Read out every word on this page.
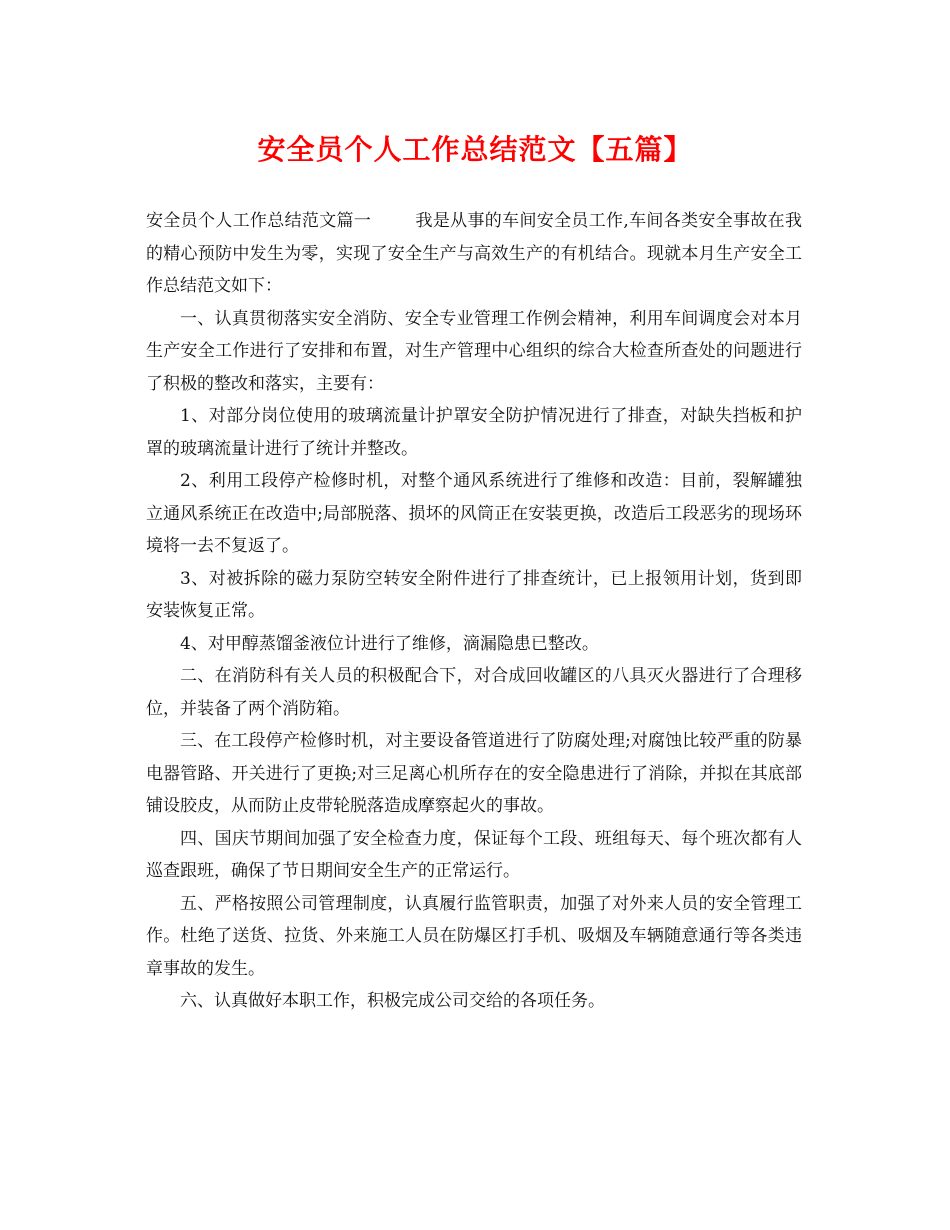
安全员个人工作总结范文【五篇】

安全员个人工作总结范文篇一	我是从事的车间安全员工作,车间各类安全事故在我的精心预防中发生为零，实现了安全生产与高效生产的有机结合。现就本月生产安全工作总结范文如下：

一、认真贯彻落实安全消防、安全专业管理工作例会精神，利用车间调度会对本月生产安全工作进行了安排和布置，对生产管理中心组织的综合大检查所查处的问题进行了积极的整改和落实，主要有：

1、对部分岗位使用的玻璃流量计护罩安全防护情况进行了排查，对缺失挡板和护罩的玻璃流量计进行了统计并整改。

2、利用工段停产检修时机，对整个通风系统进行了维修和改造：目前，裂解罐独立通风系统正在改造中;局部脱落、损坏的风筒正在安装更换，改造后工段恶劣的现场环境将一去不复返了。

3、对被拆除的磁力泵防空转安全附件进行了排查统计，已上报领用计划，货到即安装恢复正常。

4、对甲醇蒸馏釜液位计进行了维修，滴漏隐患已整改。

二、在消防科有关人员的积极配合下，对合成回收罐区的八具灭火器进行了合理移位，并装备了两个消防箱。

三、在工段停产检修时机，对主要设备管道进行了防腐处理;对腐蚀比较严重的防暴电器管路、开关进行了更换;对三足离心机所存在的安全隐患进行了消除，并拟在其底部铺设胶皮，从而防止皮带轮脱落造成摩察起火的事故。

四、国庆节期间加强了安全检查力度，保证每个工段、班组每天、每个班次都有人巡查跟班，确保了节日期间安全生产的正常运行。

五、严格按照公司管理制度，认真履行监管职责，加强了对外来人员的安全管理工作。杜绝了送货、拉货、外来施工人员在防爆区打手机、吸烟及车辆随意通行等各类违章事故的发生。

六、认真做好本职工作，积极完成公司交给的各项任务。
